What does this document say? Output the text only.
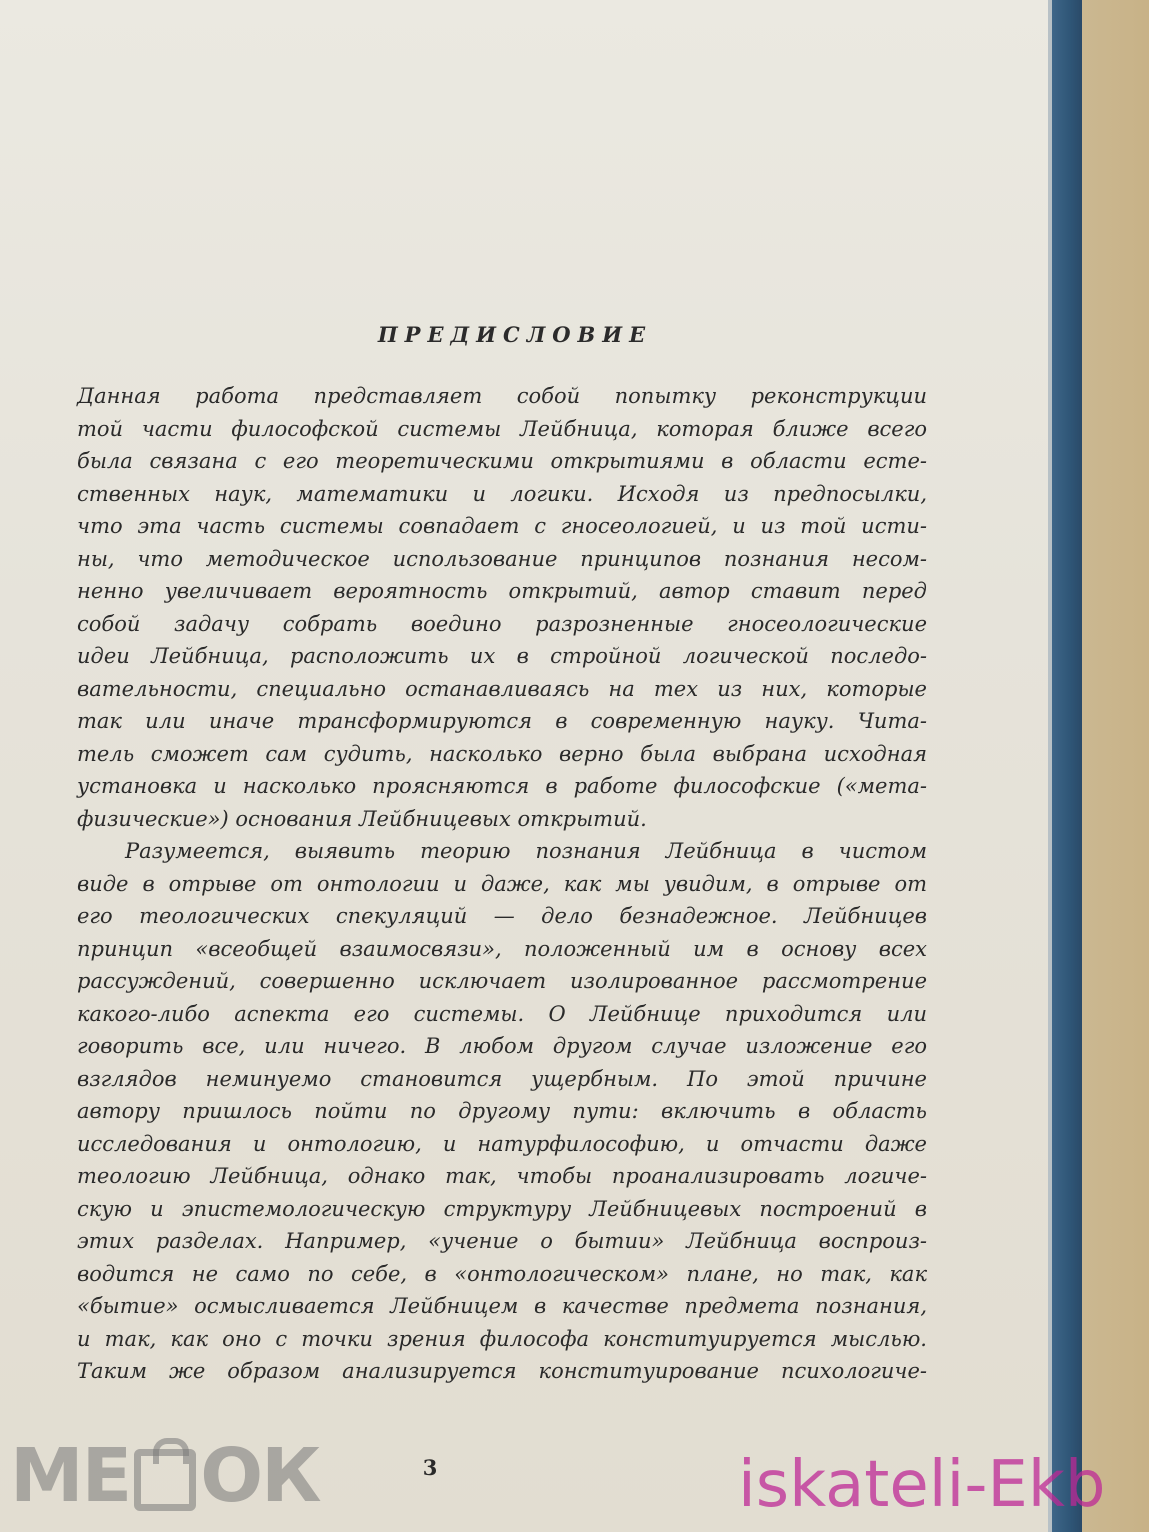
ПРЕДИСЛОВИЕ
Данная работа представляет собой попытку реконструкции
той части философской системы Лейбница, которая ближе всего
была связана с его теоретическими открытиями в области есте-
ственных наук, математики и логики. Исходя из предпосылки,
что эта часть системы совпадает с гносеологией, и из той исти-
ны, что методическое использование принципов познания несом-
ненно увеличивает вероятность открытий, автор ставит перед
собой задачу собрать воедино разрозненные гносеологические
идеи Лейбница, расположить их в стройной логической последо-
вательности, специально останавливаясь на тех из них, которые
так или иначе трансформируются в современную науку. Чита-
тель сможет сам судить, насколько верно была выбрана исходная
установка и насколько проясняются в работе философские («мета-
физические») основания Лейбницевых открытий.
Разумеется, выявить теорию познания Лейбница в чистом
виде в отрыве от онтологии и даже, как мы увидим, в отрыве от
его теологических спекуляций — дело безнадежное. Лейбницев
принцип «всеобщей взаимосвязи», положенный им в основу всех
рассуждений, совершенно исключает изолированное рассмотрение
какого-либо аспекта его системы. О Лейбнице приходится или
говорить все, или ничего. В любом другом случае изложение его
взглядов неминуемо становится ущербным. По этой причине
автору пришлось пойти по другому пути: включить в область
исследования и онтологию, и натурфилософию, и отчасти даже
теологию Лейбница, однако так, чтобы проанализировать логиче-
скую и эпистемологическую структуру Лейбницевых построений в
этих разделах. Например, «учение о бытии» Лейбница воспроиз-
водится не само по себе, в «онтологическом» плане, но так, как
«бытие» осмысливается Лейбницем в качестве предмета познания,
и так, как оно с точки зрения философа конституируется мыслью.
Таким же образом анализируется конституирование психологиче-
3
МЕ ОК	iskateli-Ekb
